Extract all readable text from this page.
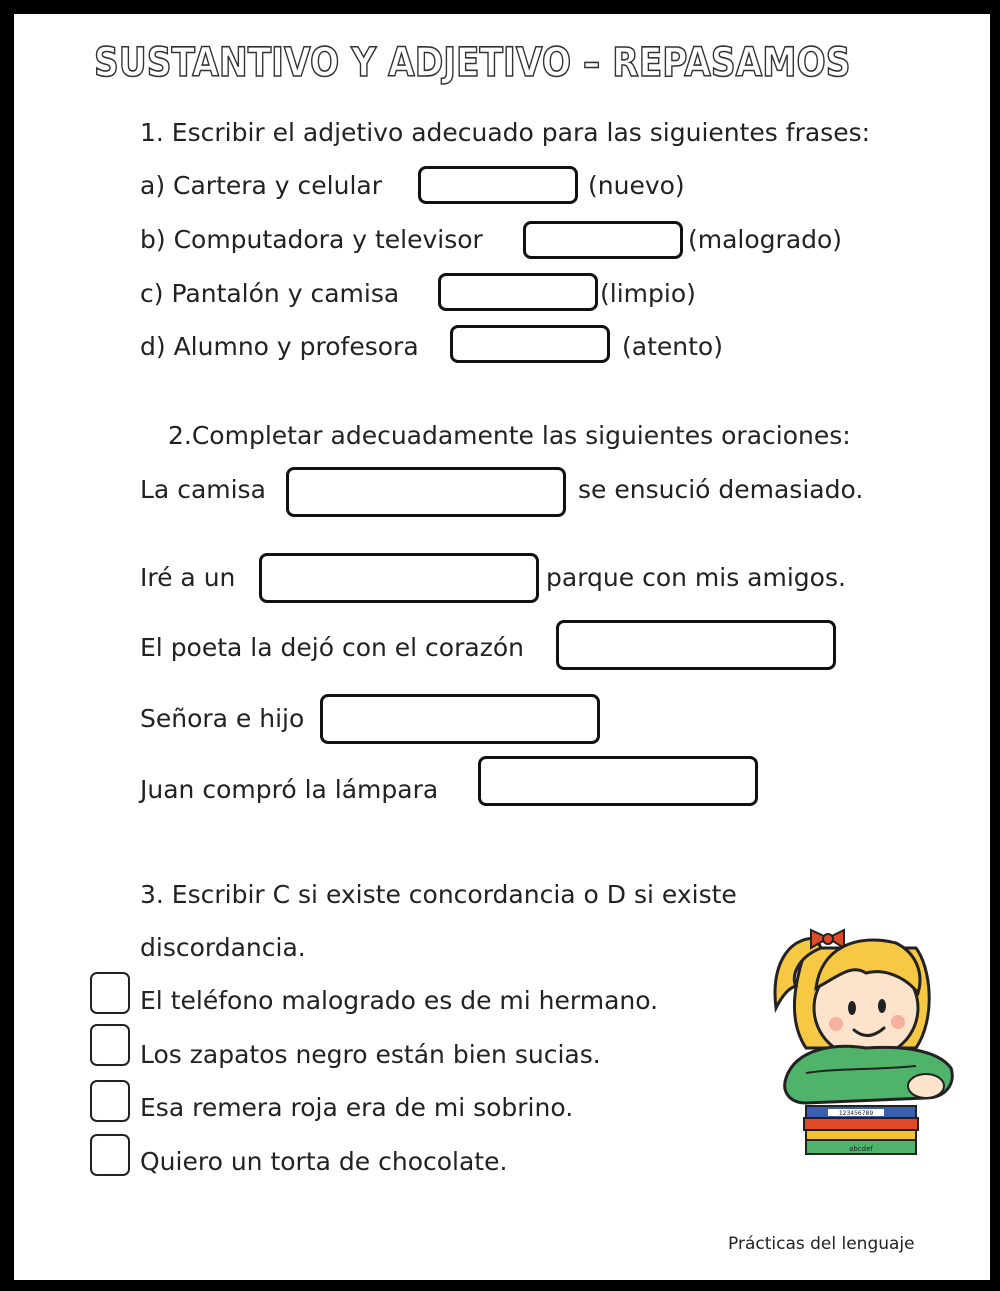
SUSTANTIVO Y ADJETIVO – REPASAMOS
1. Escribir el adjetivo adecuado para las siguientes frases:
a) Cartera y celular	(nuevo)
b) Computadora y televisor	(malogrado)
c) Pantalón y camisa	(limpio)
d) Alumno y profesora	(atento)
2.Completar adecuadamente las siguientes oraciones:
La camisa	se ensució demasiado.
Iré a un	parque con mis amigos.
El poeta la dejó con el corazón
Señora e hijo
Juan compró la lámpara
3. Escribir C si existe concordancia o D si existe
discordancia.
El teléfono malogrado es de mi hermano.
Los zapatos negro están bien sucias.
Esa remera roja era de mi sobrino.
Quiero un torta de chocolate.
123456789
abcdef
Prácticas del lenguaje
